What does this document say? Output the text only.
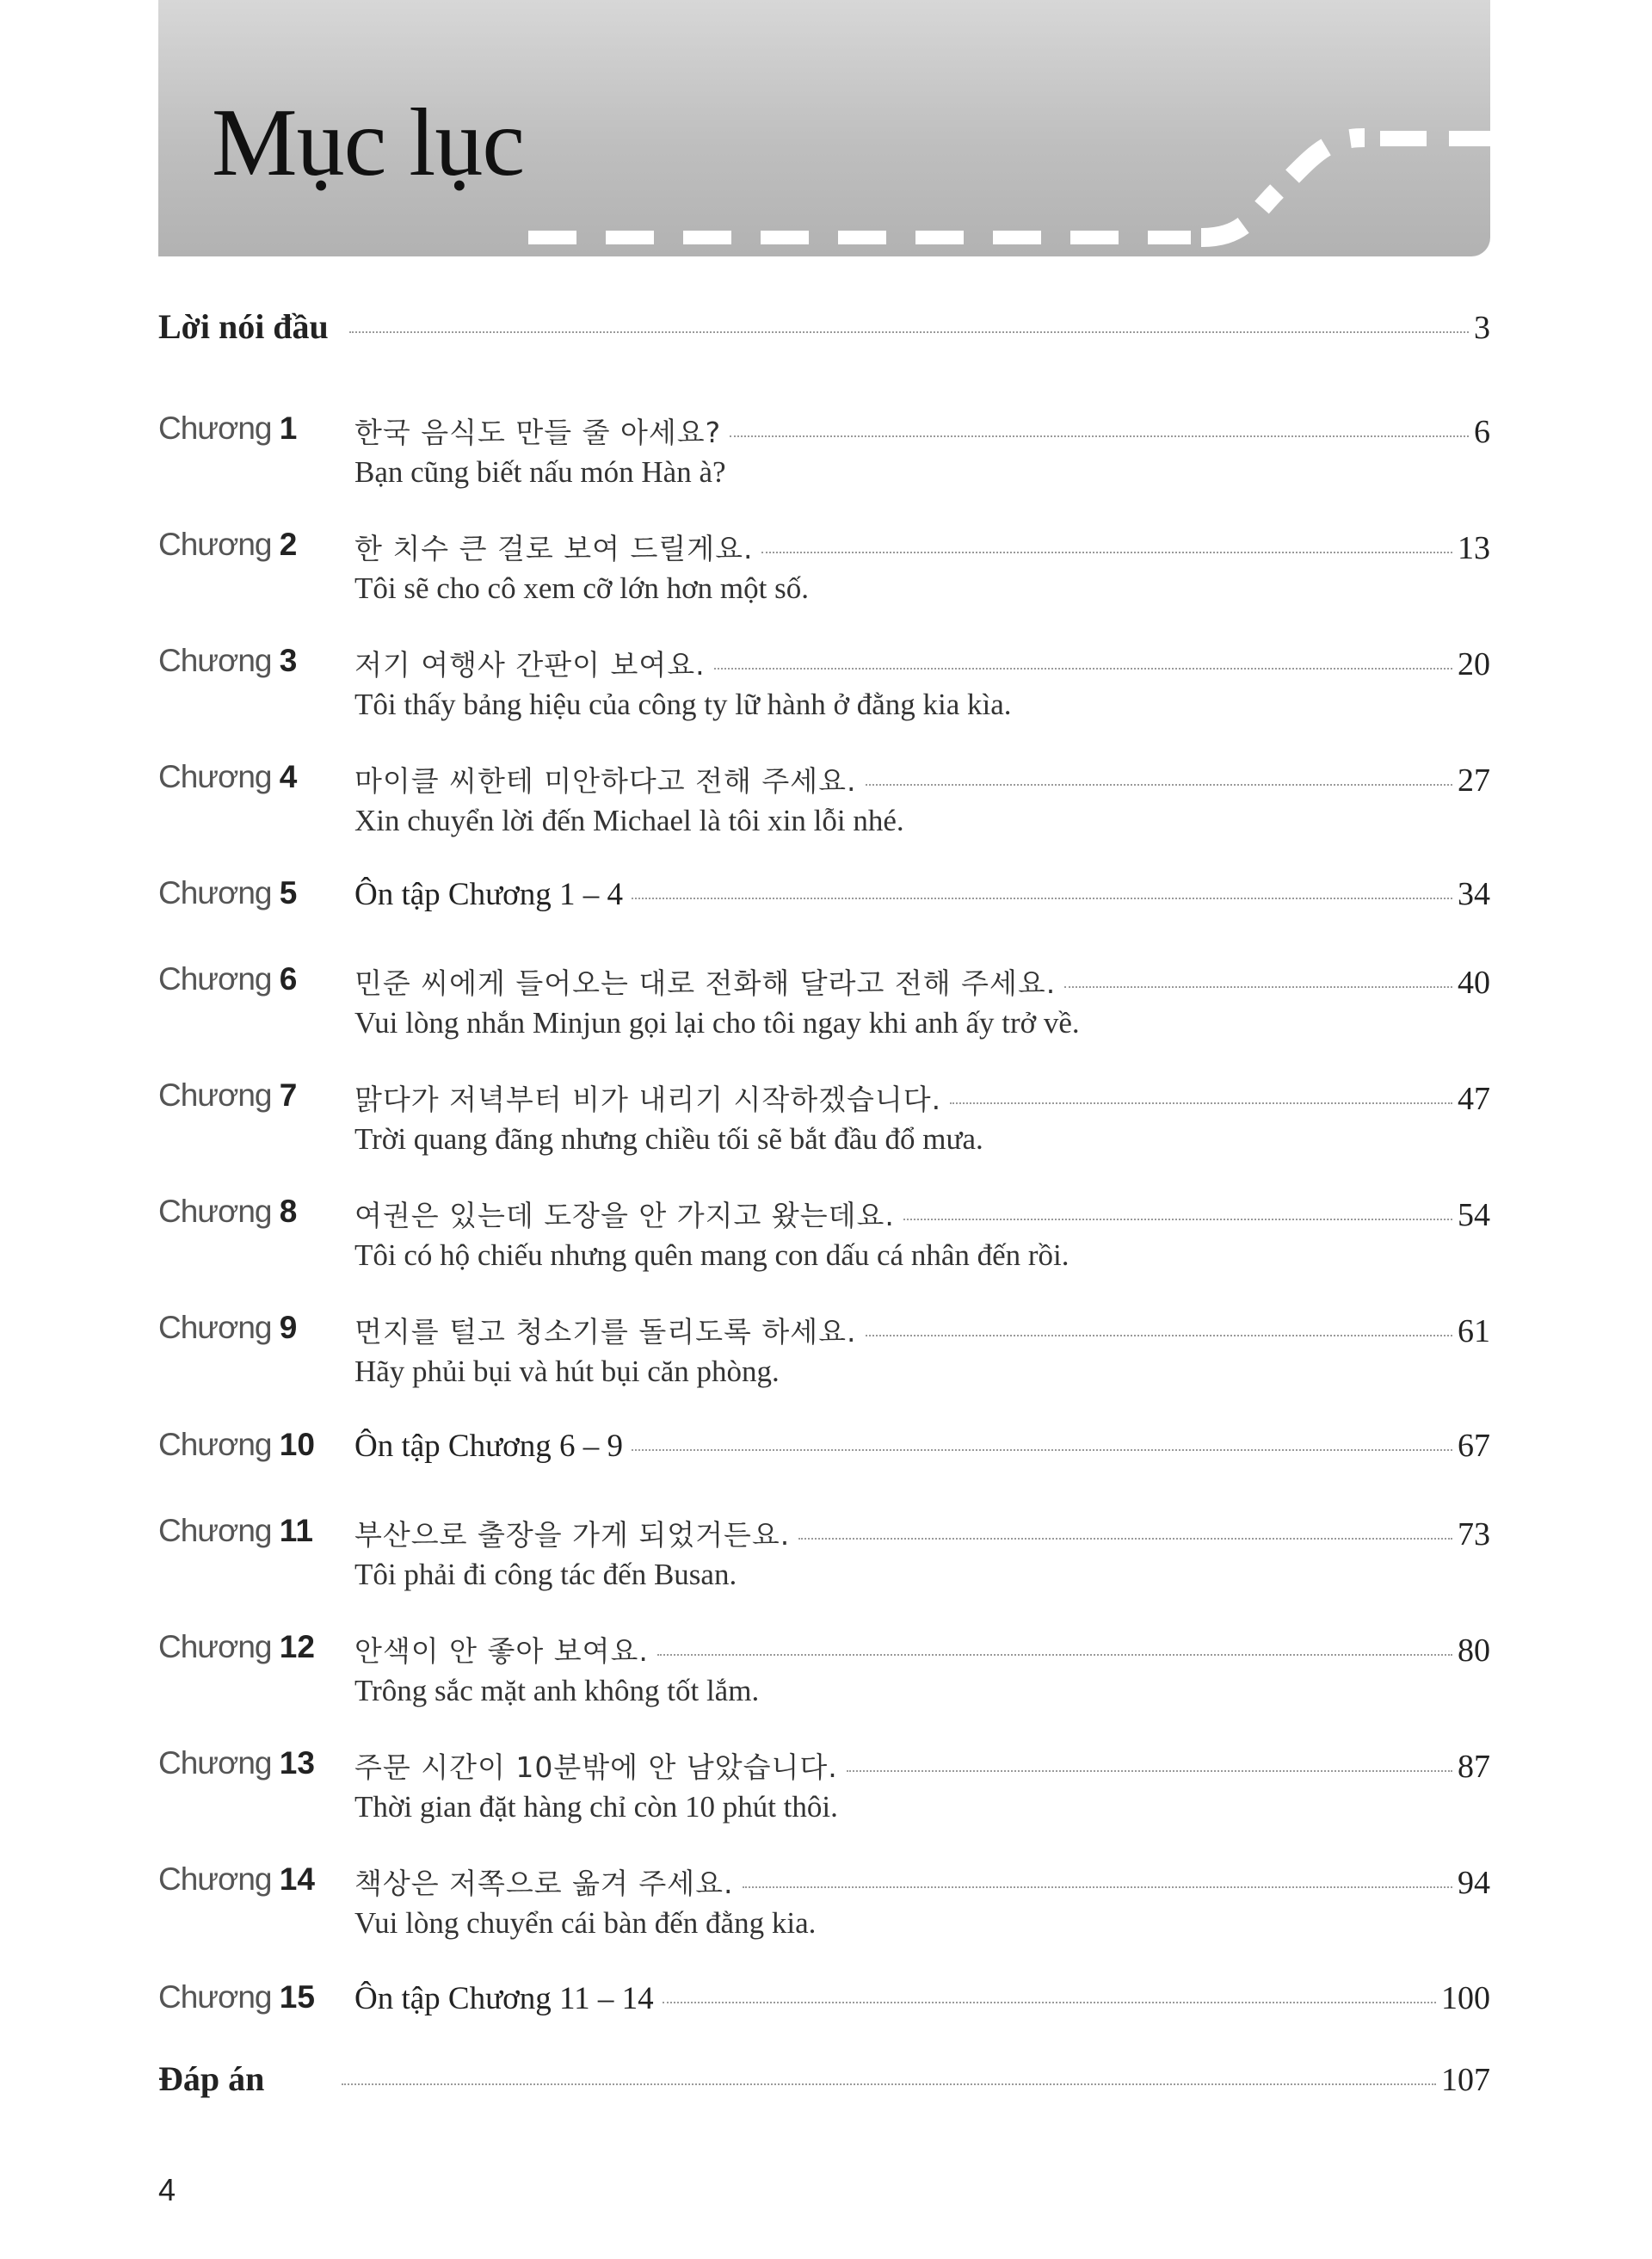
Mục lục
Lời nói đầu	3
Chương 1 한국 음식도 만들 줄 아세요?	6
Bạn cũng biết nấu món Hàn à?
Chương 2 한 치수 큰 걸로 보여 드릴게요.	13
Tôi sẽ cho cô xem cỡ lớn hơn một số.
Chương 3 저기 여행사 간판이 보여요.	20
Tôi thấy bảng hiệu của công ty lữ hành ở đằng kia kìa.
Chương 4 마이클 씨한테 미안하다고 전해 주세요.	27
Xin chuyển lời đến Michael là tôi xin lỗi nhé.
Chương 5 Ôn tập Chương 1 – 4	34
Chương 6 민준 씨에게 들어오는 대로 전화해 달라고 전해 주세요.	40
Vui lòng nhắn Minjun gọi lại cho tôi ngay khi anh ấy trở về.
Chương 7 맑다가 저녁부터 비가 내리기 시작하겠습니다.	47
Trời quang đãng nhưng chiều tối sẽ bắt đầu đổ mưa.
Chương 8 여권은 있는데 도장을 안 가지고 왔는데요.	54
Tôi có hộ chiếu nhưng quên mang con dấu cá nhân đến rồi.
Chương 9 먼지를 털고 청소기를 돌리도록 하세요.	61
Hãy phủi bụi và hút bụi căn phòng.
Chương 10 Ôn tập Chương 6 – 9	67
Chương 11 부산으로 출장을 가게 되었거든요.	73
Tôi phải đi công tác đến Busan.
Chương 12 안색이 안 좋아 보여요.	80
Trông sắc mặt anh không tốt lắm.
Chương 13 주문 시간이 10분밖에 안 남았습니다.	87
Thời gian đặt hàng chỉ còn 10 phút thôi.
Chương 14 책상은 저쪽으로 옮겨 주세요.	94
Vui lòng chuyển cái bàn đến đằng kia.
Chương 15 Ôn tập Chương 11 – 14	100
Đáp án	107
4
